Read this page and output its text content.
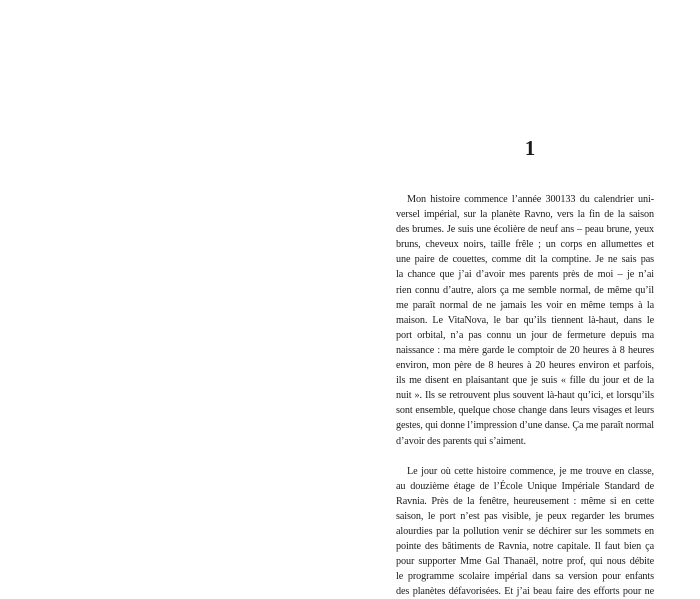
1

Mon histoire commence l’année 300133 du calendrier uni-
versel impérial, sur la planète Ravno, vers la fin de la saison
des brumes. Je suis une écolière de neuf ans – peau brune, yeux
bruns, cheveux noirs, taille frêle ; un corps en allumettes et
une paire de couettes, comme dit la comptine. Je ne sais pas
la chance que j’ai d’avoir mes parents près de moi – je n’ai
rien connu d’autre, alors ça me semble normal, de même qu’il
me paraît normal de ne jamais les voir en même temps à la
maison. Le VitaNova, le bar qu’ils tiennent là-haut, dans le
port orbital, n’a pas connu un jour de fermeture depuis ma
naissance : ma mère garde le comptoir de 20 heures à 8 heures
environ, mon père de 8 heures à 20 heures environ et parfois,
ils me disent en plaisantant que je suis « fille du jour et de la
nuit ». Ils se retrouvent plus souvent là-haut qu’ici, et lorsqu’ils
sont ensemble, quelque chose change dans leurs visages et leurs
gestes, qui donne l’impression d’une danse. Ça me paraît normal
d’avoir des parents qui s’aiment.

Le jour où cette histoire commence, je me trouve en classe,
au douzième étage de l’École Unique Impériale Standard de
Ravnia. Près de la fenêtre, heureusement : même si en cette
saison, le port n’est pas visible, je peux regarder les brumes
alourdies par la pollution venir se déchirer sur les sommets en
pointe des bâtiments de Ravnia, notre capitale. Il faut bien ça
pour supporter Mme Gal Thanaël, notre prof, qui nous débite
le programme scolaire impérial dans sa version pour enfants
des planètes défavorisées. Et j’ai beau faire des efforts pour ne
